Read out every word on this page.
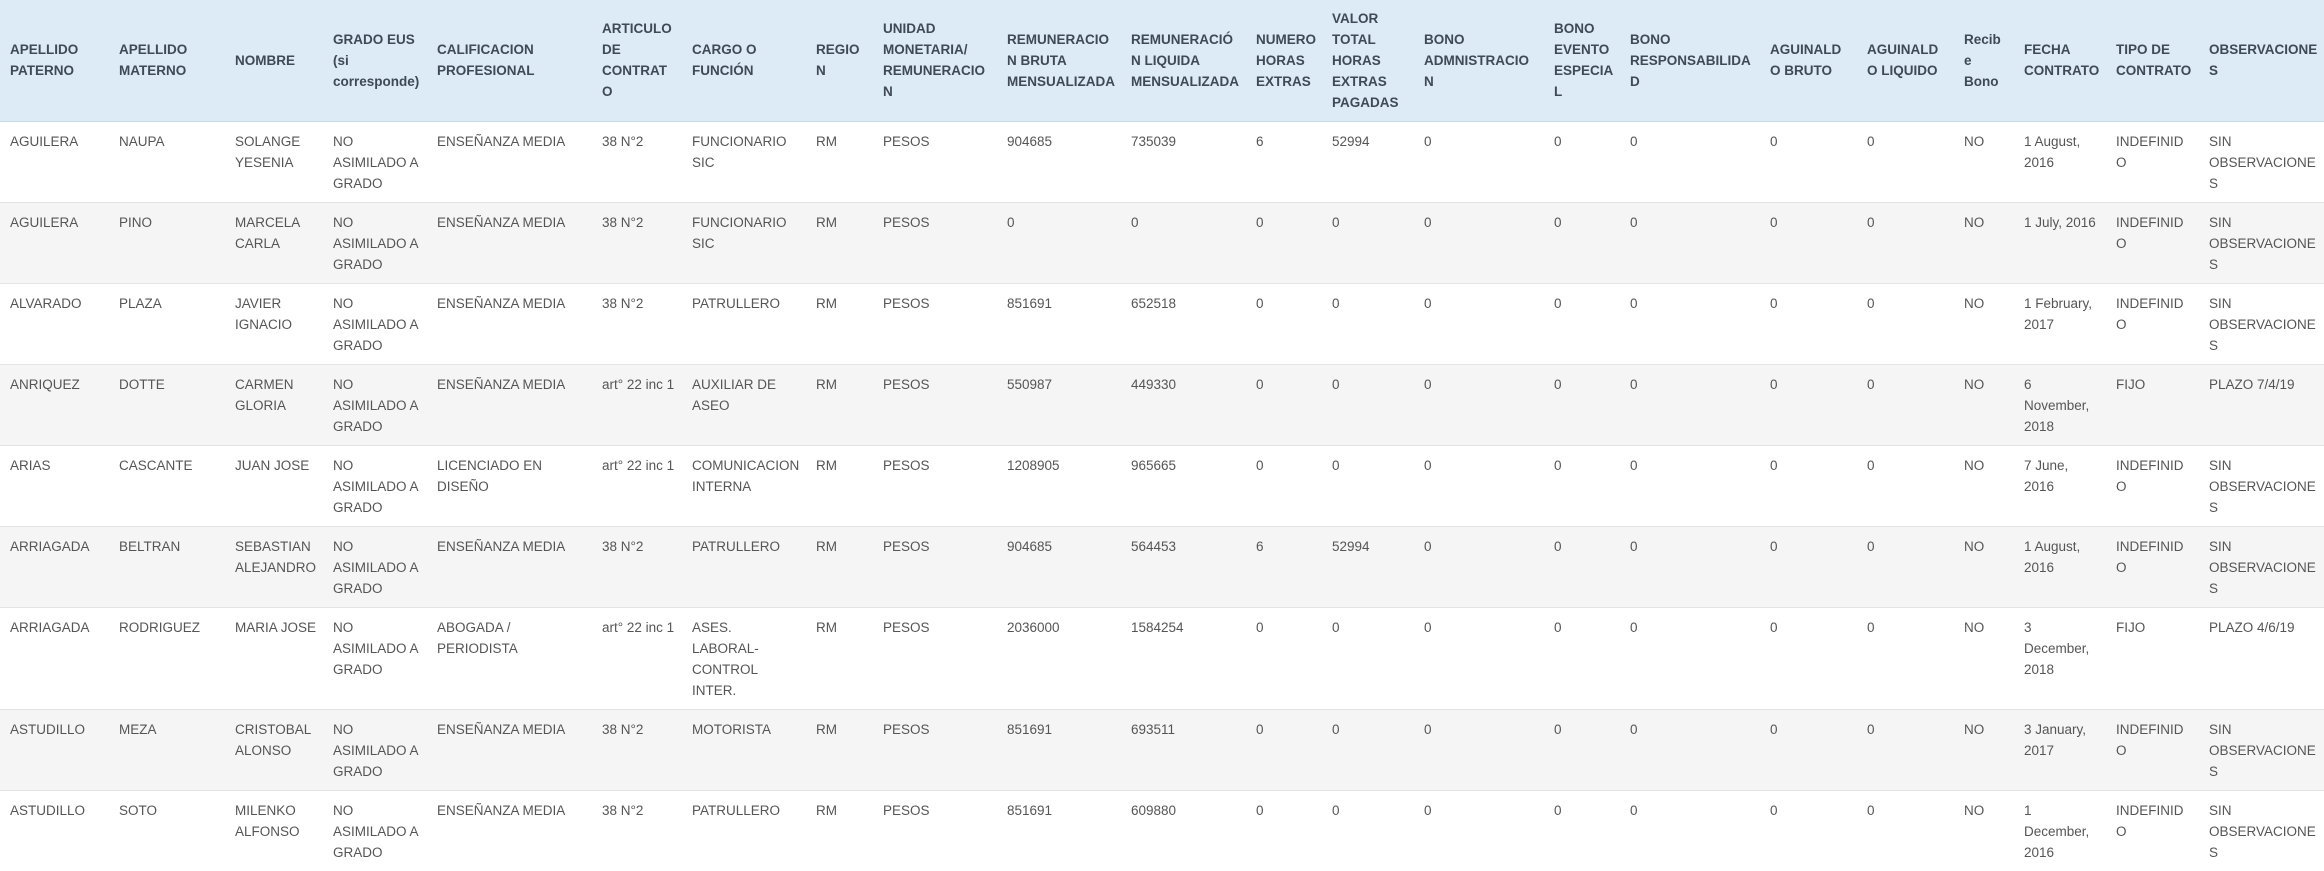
APELLIDO PATERNO	APELLIDO MATERNO	NOMBRE	GRADO EUS (si corresponde)	CALIFICACION PROFESIONAL	ARTICULO DE CONTRATO	CARGO O FUNCIÓN	REGION	UNIDAD MONETARIA/ REMUNERACION	REMUNERACION BRUTA MENSUALIZADA	REMUNERACIÓN LIQUIDA MENSUALIZADA	NUMERO HORAS EXTRAS	VALOR TOTAL HORAS EXTRAS PAGADAS	BONO ADMNISTRACION	BONO EVENTO ESPECIAL	BONO RESPONSABILIDAD	AGUINALDO BRUTO	AGUINALDO LIQUIDO	Recibe Bono	FECHA CONTRATO	TIPO DE CONTRATO	OBSERVACIONES
AGUILERA	NAUPA	SOLANGE YESENIA	NO ASIMILADO A GRADO	ENSEÑANZA MEDIA	38 N°2	FUNCIONARIO SIC	RM	PESOS	904685	735039	6	52994	0	0	0	0	0	NO	1 August, 2016	INDEFINIDO	SIN OBSERVACIONES
AGUILERA	PINO	MARCELA CARLA	NO ASIMILADO A GRADO	ENSEÑANZA MEDIA	38 N°2	FUNCIONARIO SIC	RM	PESOS	0	0	0	0	0	0	0	0	0	NO	1 July, 2016	INDEFINIDO	SIN OBSERVACIONES
ALVARADO	PLAZA	JAVIER IGNACIO	NO ASIMILADO A GRADO	ENSEÑANZA MEDIA	38 N°2	PATRULLERO	RM	PESOS	851691	652518	0	0	0	0	0	0	0	NO	1 February, 2017	INDEFINIDO	SIN OBSERVACIONES
ANRIQUEZ	DOTTE	CARMEN GLORIA	NO ASIMILADO A GRADO	ENSEÑANZA MEDIA	art° 22 inc 1	AUXILIAR DE ASEO	RM	PESOS	550987	449330	0	0	0	0	0	0	0	NO	6 November, 2018	FIJO	PLAZO 7/4/19
ARIAS	CASCANTE	JUAN JOSE	NO ASIMILADO A GRADO	LICENCIADO EN DISEÑO	art° 22 inc 1	COMUNICACION INTERNA	RM	PESOS	1208905	965665	0	0	0	0	0	0	0	NO	7 June, 2016	INDEFINIDO	SIN OBSERVACIONES
ARRIAGADA	BELTRAN	SEBASTIAN ALEJANDRO	NO ASIMILADO A GRADO	ENSEÑANZA MEDIA	38 N°2	PATRULLERO	RM	PESOS	904685	564453	6	52994	0	0	0	0	0	NO	1 August, 2016	INDEFINIDO	SIN OBSERVACIONES
ARRIAGADA	RODRIGUEZ	MARIA JOSE	NO ASIMILADO A GRADO	ABOGADA / PERIODISTA	art° 22 inc 1	ASES. LABORAL-CONTROL INTER.	RM	PESOS	2036000	1584254	0	0	0	0	0	0	0	NO	3 December, 2018	FIJO	PLAZO 4/6/19
ASTUDILLO	MEZA	CRISTOBAL ALONSO	NO ASIMILADO A GRADO	ENSEÑANZA MEDIA	38 N°2	MOTORISTA	RM	PESOS	851691	693511	0	0	0	0	0	0	0	NO	3 January, 2017	INDEFINIDO	SIN OBSERVACIONES
ASTUDILLO	SOTO	MILENKO ALFONSO	NO ASIMILADO A GRADO	ENSEÑANZA MEDIA	38 N°2	PATRULLERO	RM	PESOS	851691	609880	0	0	0	0	0	0	0	NO	1 December, 2016	INDEFINIDO	SIN OBSERVACIONES
